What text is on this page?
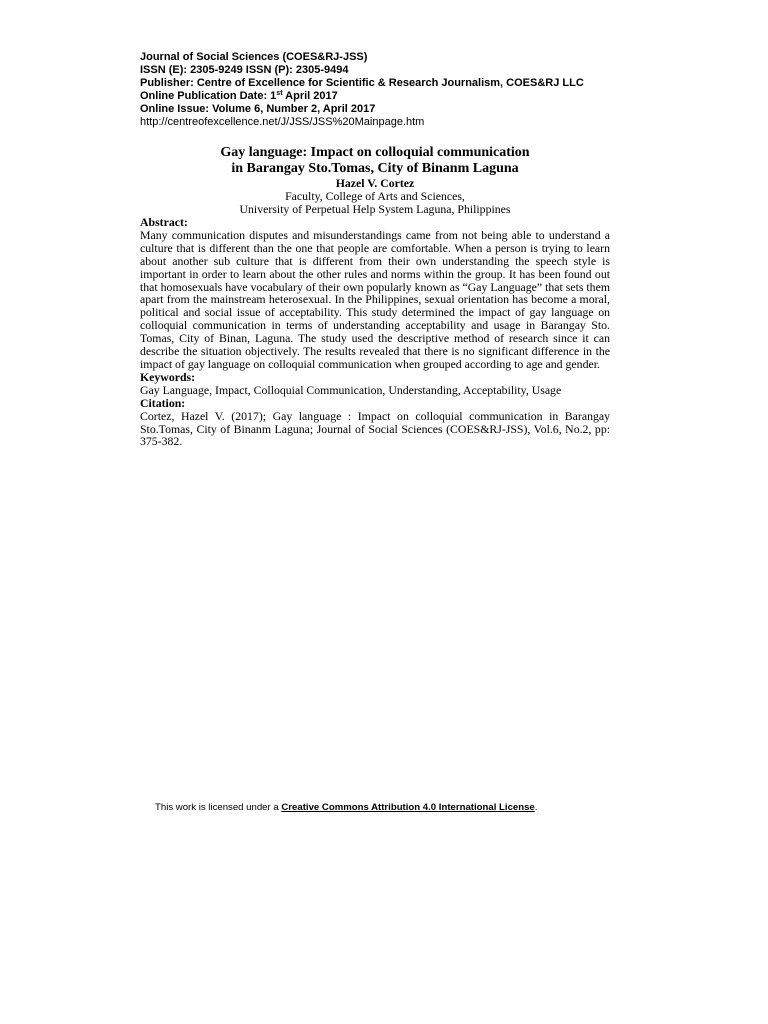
Journal of Social Sciences (COES&RJ-JSS)
ISSN (E): 2305-9249 ISSN (P): 2305-9494
Publisher: Centre of Excellence for Scientific & Research Journalism, COES&RJ LLC
Online Publication Date: 1st April 2017
Online Issue: Volume 6, Number 2, April 2017
http://centreofexcellence.net/J/JSS/JSS%20Mainpage.htm
Gay language: Impact on colloquial communication
in Barangay Sto.Tomas, City of Binanm Laguna
Hazel V. Cortez
Faculty, College of Arts and Sciences,
University of Perpetual Help System Laguna, Philippines
Abstract:

Many communication disputes and misunderstandings came from not being able to understand a culture that is different than the one that people are comfortable. When a person is trying to learn about another sub culture that is different from their own understanding the speech style is important in order to learn about the other rules and norms within the group. It has been found out that homosexuals have vocabulary of their own popularly known as “Gay Language” that sets them apart from the mainstream heterosexual. In the Philippines, sexual orientation has become a moral, political and social issue of acceptability. This study determined the impact of gay language on colloquial communication in terms of understanding acceptability and usage in Barangay Sto. Tomas, City of Binan, Laguna. The study used the descriptive method of research since it can describe the situation objectively. The results revealed that there is no significant difference in the impact of gay language on colloquial communication when grouped according to age and gender.

Keywords:

Gay Language, Impact, Colloquial Communication, Understanding, Acceptability, Usage

Citation:

Cortez, Hazel V. (2017); Gay language : Impact on colloquial communication in Barangay Sto.Tomas, City of Binanm Laguna; Journal of Social Sciences (COES&RJ-JSS), Vol.6, No.2, pp: 375-382.

This work is licensed under a Creative Commons Attribution 4.0 International License.
